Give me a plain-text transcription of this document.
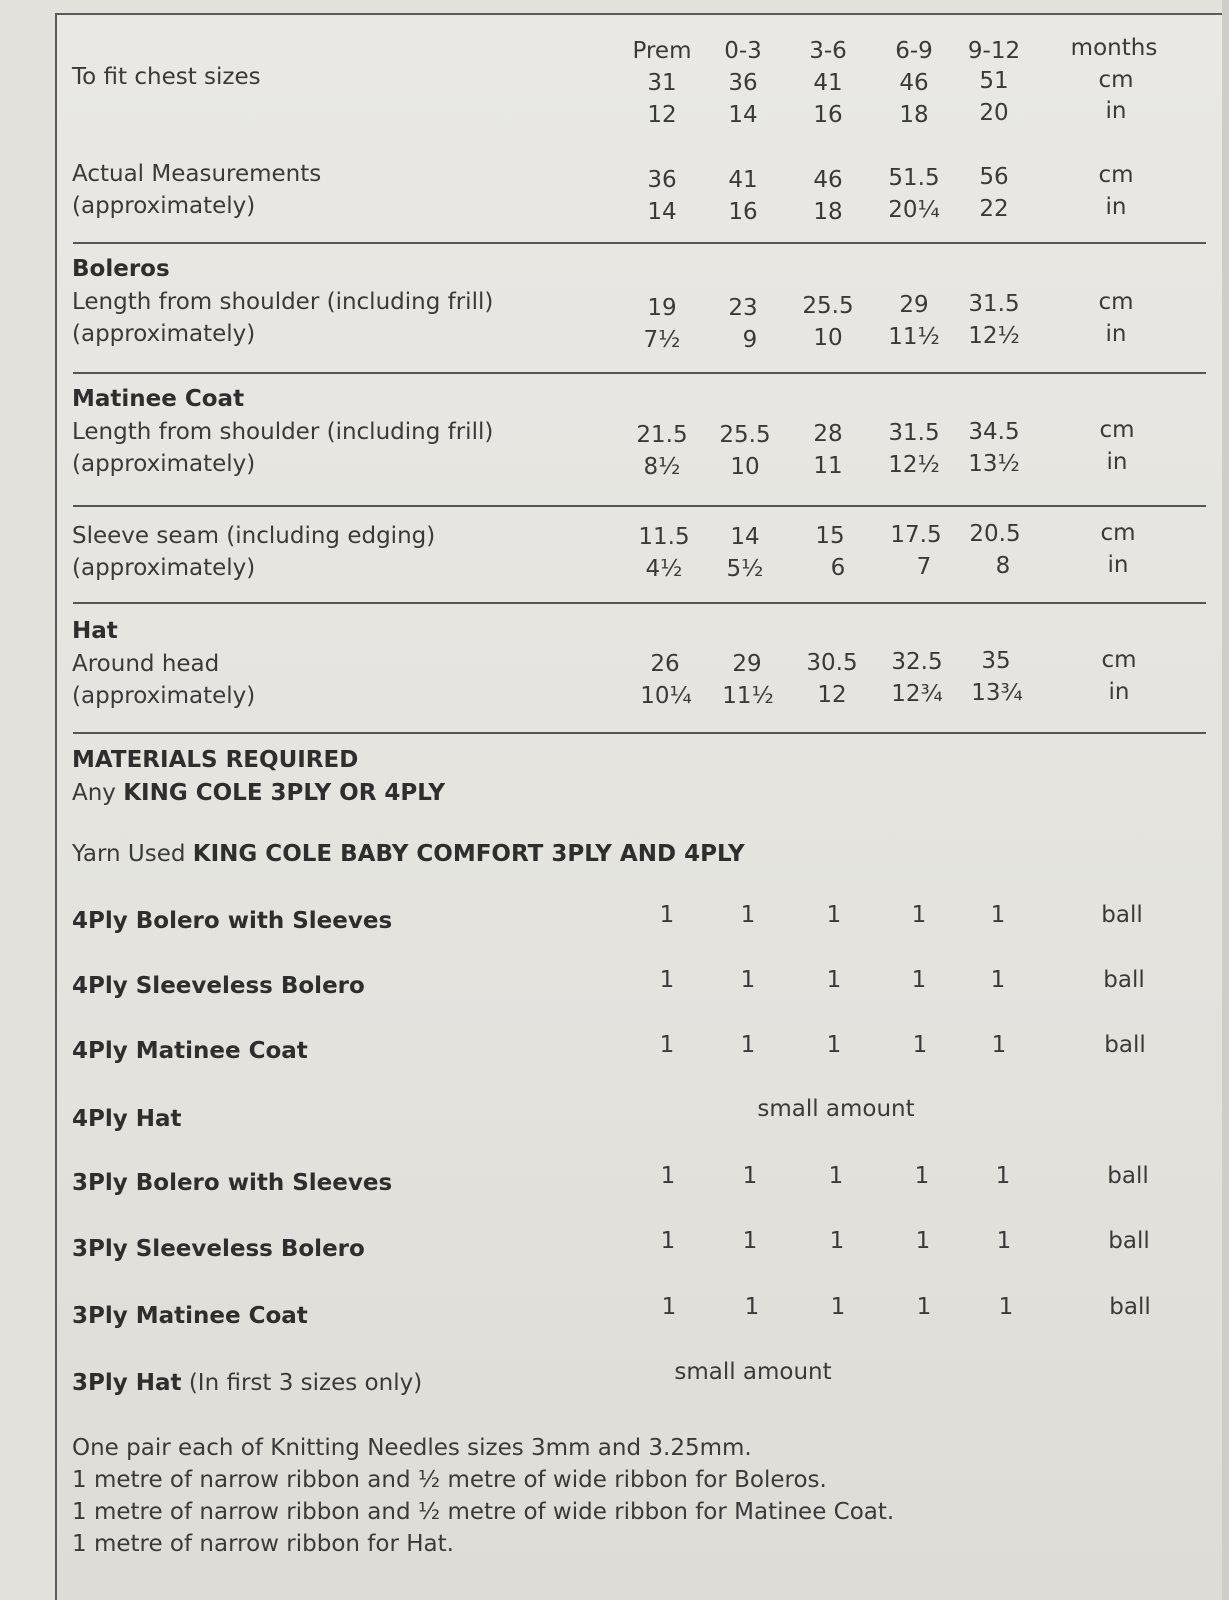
Prem 0-3 3-6 6-9 9-12 months
To fit chest sizes	31 36 41 46 51	cm
12 14 16 18 20	in
Actual Measurements
(approximately)
36 41 46 51.5 56	cm
14 16 18 20¼ 22	in
Boleros
Length from shoulder (including frill)
(approximately)
19 23 25.5 29 31.5	cm
7½	9 10 11½ 12½	in
Matinee Coat
Length from shoulder (including frill)
(approximately)
21.5 25.5 28 31.5 34.5	cm
8½ 10 11 12½ 13½	in
Sleeve seam (including edging)
(approximately)
11.5 14 15 17.5 20.5	cm
4½ 5½	6	7	8	in
Hat
Around head
(approximately)
26 29 30.5 32.5 35	cm
10¼ 11½ 12 12¾ 13¾	in
MATERIALS REQUIRED
Any KING COLE 3PLY OR 4PLY
Yarn Used KING COLE BABY COMFORT 3PLY AND 4PLY
4Ply Bolero with Sleeves	1	1	1	1	1	ball
4Ply Sleeveless Bolero	1	1	1	1	1	ball
4Ply Matinee Coat	1	1	1	1	1	ball
4Ply Hat	small amount
3Ply Bolero with Sleeves	1	1	1	1	1	ball
3Ply Sleeveless Bolero	1	1	1	1	1	ball
3Ply Matinee Coat	1	1	1	1	1	ball
3Ply Hat (In first 3 sizes only)	small amount
One pair each of Knitting Needles sizes 3mm and 3.25mm.
1 metre of narrow ribbon and ½ metre of wide ribbon for Boleros.
1 metre of narrow ribbon and ½ metre of wide ribbon for Matinee Coat.
1 metre of narrow ribbon for Hat.
